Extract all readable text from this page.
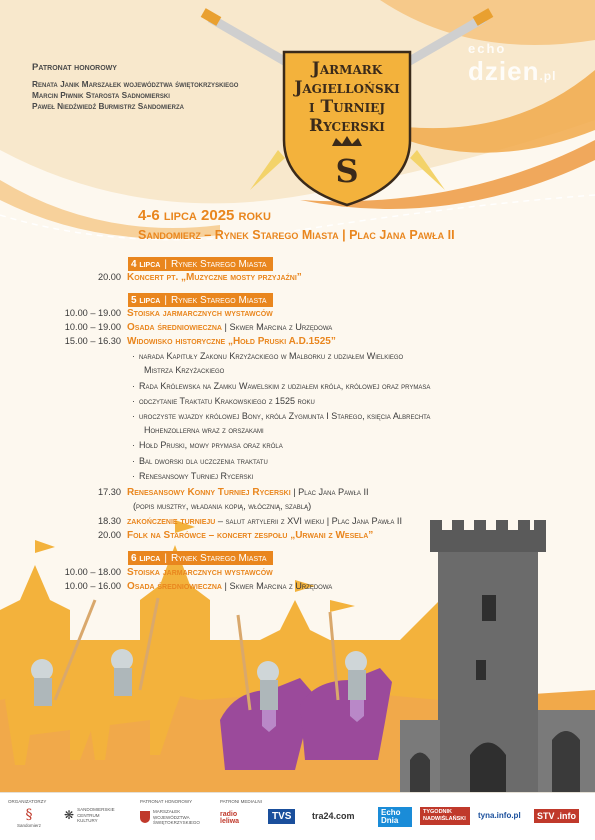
echo
dzien.pl
Patronat honorowy
Renata Janik Marszałek województwa świętokrzyskiego
Marcin Piwnik Starosta Sadnomierski
Paweł Niedźwiedź Burmistrz Sandomierza
Jarmark
Jagielloński
i Turniej
Rycerski
S
4-6 lipca 2025 roku
Sandomierz – Rynek Starego Miasta | Plac Jana Pawła II
4 lipca | Rynek Starego Miasta
20.00 Koncert pt. „Muzyczne mosty przyjaźni”
5 lipca | Rynek Starego Miasta
10.00 – 19.00 Stoiska jarmarcznych wystawców
10.00 – 19.00 Osada średniowieczna | Skwer Marcina z Urzędowa
15.00 – 16.30 Widowisko historyczne „Hołd Pruski A.D.1525”
· narada Kapituły Zakonu Krzyżackiego w Malborku z udziałem Wielkiego
Mistrza Krzyżackiego
· Rada Królewska na Zamku Wawelskim z udziałem króla, królowej oraz prymasa
· odczytanie Traktatu Krakowskiego z 1525 roku
· uroczyste wjazdy królowej Bony, króla Zygmunta I Starego, księcia Albrechta
Hohenzollerna wraz z orszakami
· Hołd Pruski, mowy prymasa oraz króla
· Bal dworski dla uczczenia traktatu
· Renesansowy Turniej Rycerski
17.30 Renesansowy Konny Turniej Rycerski | Plac Jana Pawła II
(popis musztry, władania kopią, włócznią, szablą)
18.30 zakończenie turnieju – salut artylerii z XVI wieku | Plac Jana Pawła II
20.00 Folk na Starówce – koncert zespołu „Urwani z Wesela”
6 lipca | Rynek Starego Miasta
10.00 – 18.00 Stoiska jarmarcznych wystawców
10.00 – 16.00 Osada średniowieczna | Skwer Marcina z Urzędowa
ORGANIZATORZY
§
Sandomierz
❋ SANDOMIERSKIE CENTRUM KULTURY
PATRONAT HONOROWY
MARSZAŁEK WOJEWÓDZTWA ŚWIĘTOKRZYSKIEGO
PATRONI MEDIALNI
radio leliwa	TVS	tra24.com	Echo Dnia
TYGODNIK NADWIŚLAŃSKI	tyna.info.pl	STV .info
